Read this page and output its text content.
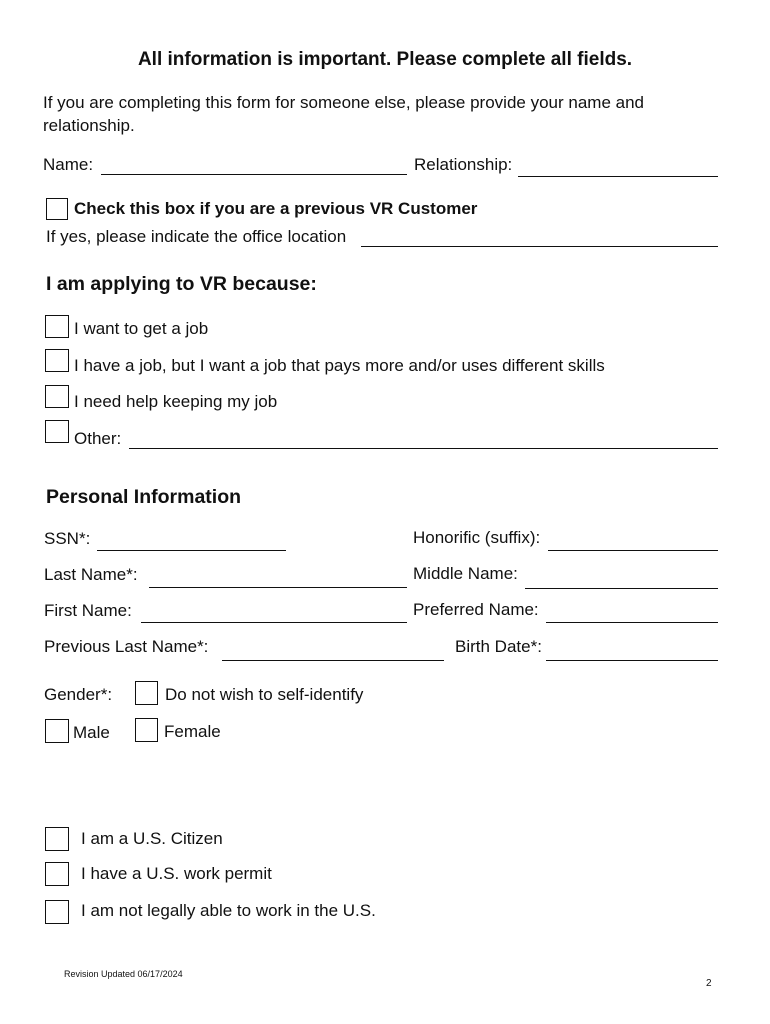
All information is important. Please complete all fields.
If you are completing this form for someone else, please provide your name and
relationship.
Name:	Relationship:
Check this box if you are a previous VR Customer
If yes, please indicate the office location
I am applying to VR because:
I want to get a job
I have a job, but I want a job that pays more and/or uses different skills
I need help keeping my job
Other:
Personal Information
SSN*:	Honorific (suffix):
Last Name*:	Middle Name:
First Name:	Preferred Name:
Previous Last Name*:	Birth Date*:
Gender*:	Do not wish to self-identify
Male	Female
I am a U.S. Citizen
I have a U.S. work permit
I am not legally able to work in the U.S.
Revision Updated 06/17/2024
2
